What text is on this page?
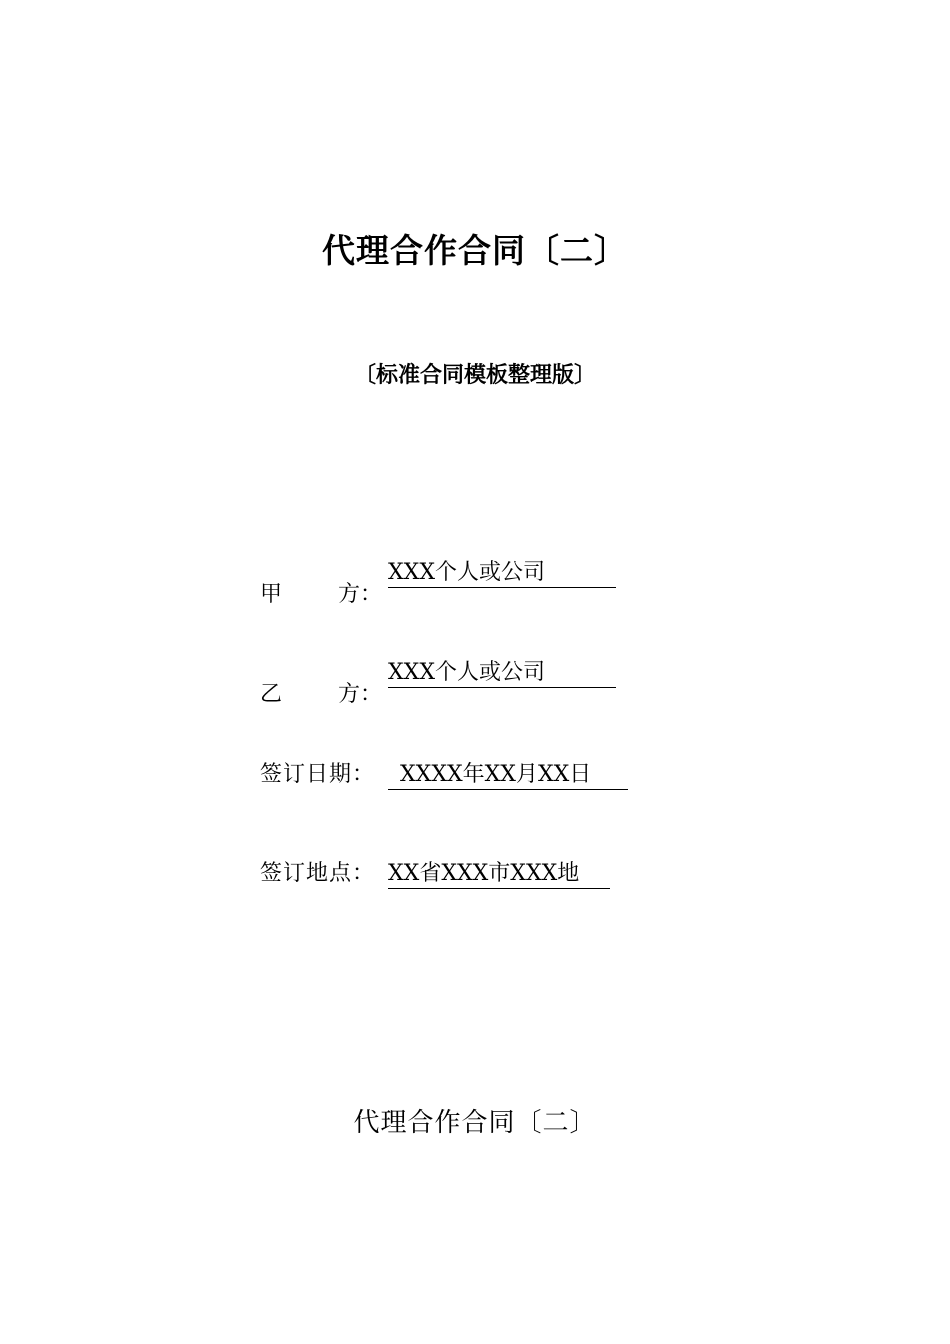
代理合作合同〔二〕
〔标准合同模板整理版〕
甲	方 ：
XXX个人或公司
乙	方 ：
XXX个人或公司
签订日期：	XXXX年XX月XX日
签订地点： XX省XXX市XXX地
代理合作合同〔二〕
